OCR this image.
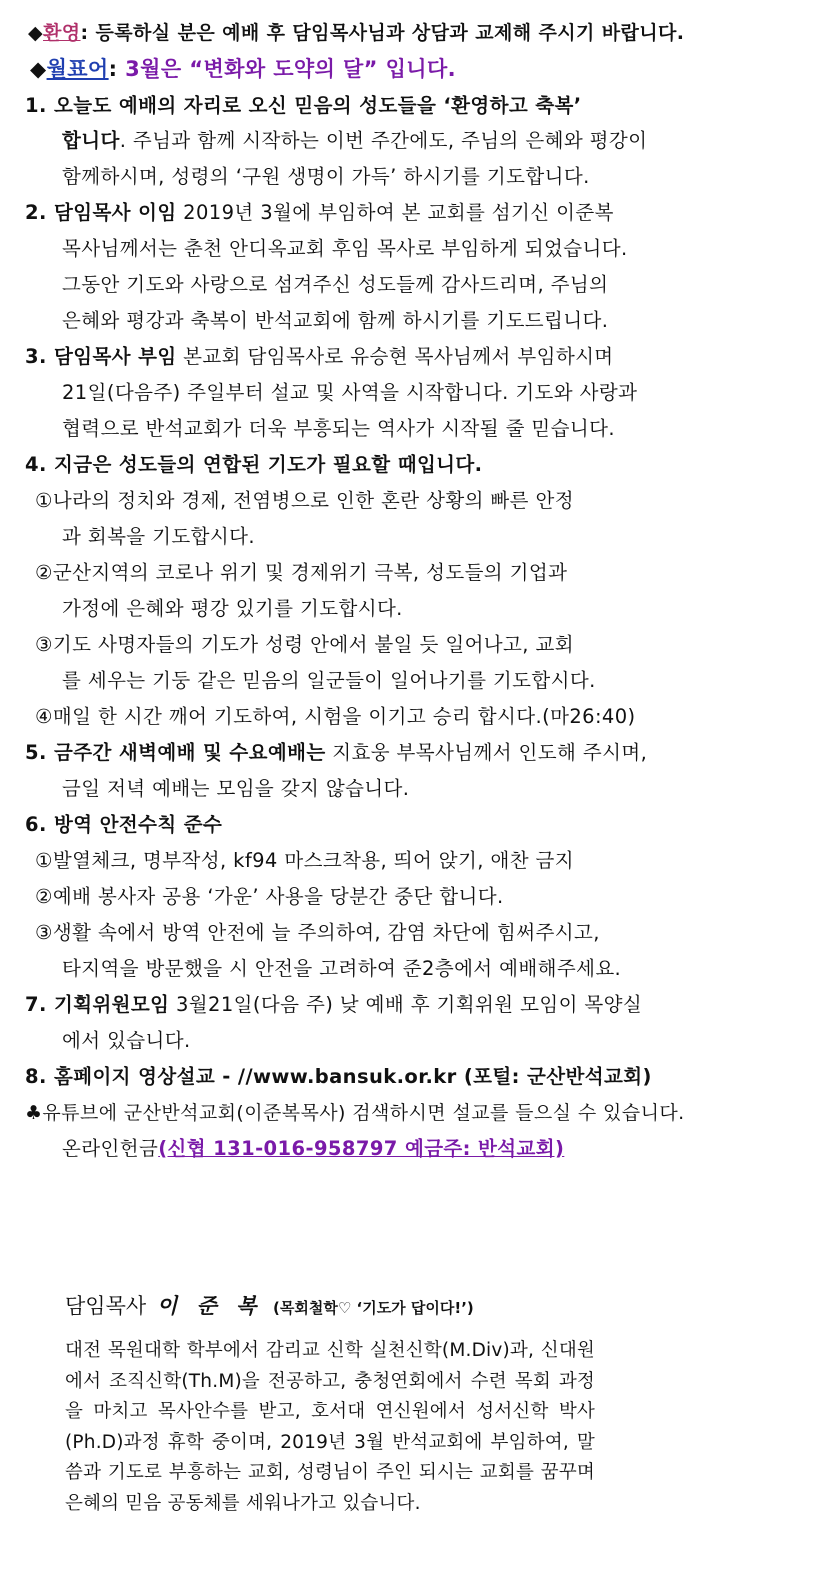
◆환영: 등록하실 분은 예배 후 담임목사님과 상담과 교제해 주시기 바랍니다.
◆월표어: 3월은 “변화와 도약의 달” 입니다.
1. 오늘도 예배의 자리로 오신 믿음의 성도들을 ‘환영하고 축복’
합니다. 주님과 함께 시작하는 이번 주간에도, 주님의 은혜와 평강이
함께하시며, 성령의 ‘구원 생명이 가득’ 하시기를 기도합니다.
2. 담임목사 이임 2019년 3월에 부임하여 본 교회를 섬기신 이준복
목사님께서는 춘천 안디옥교회 후임 목사로 부임하게 되었습니다.
그동안 기도와 사랑으로 섬겨주신 성도들께 감사드리며, 주님의
은혜와 평강과 축복이 반석교회에 함께 하시기를 기도드립니다.
3. 담임목사 부임 본교회 담임목사로 유승현 목사님께서 부임하시며
21일(다음주) 주일부터 설교 및 사역을 시작합니다. 기도와 사랑과
협력으로 반석교회가 더욱 부흥되는 역사가 시작될 줄 믿습니다.
4. 지금은 성도들의 연합된 기도가 필요할 때입니다.
①나라의 정치와 경제, 전염병으로 인한 혼란 상황의 빠른 안정
과 회복을 기도합시다.
②군산지역의 코로나 위기 및 경제위기 극복, 성도들의 기업과
가정에 은혜와 평강 있기를 기도합시다.
③기도 사명자들의 기도가 성령 안에서 불일 듯 일어나고, 교회
를 세우는 기둥 같은 믿음의 일군들이 일어나기를 기도합시다.
④매일 한 시간 깨어 기도하여, 시험을 이기고 승리 합시다.(마26:40)
5. 금주간 새벽예배 및 수요예배는 지효웅 부목사님께서 인도해 주시며,
금일 저녁 예배는 모임을 갖지 않습니다.
6. 방역 안전수칙 준수
①발열체크, 명부작성, kf94 마스크착용, 띄어 앉기, 애찬 금지
②예배 봉사자 공용 ‘가운’ 사용을 당분간 중단 합니다.
③생활 속에서 방역 안전에 늘 주의하여, 감염 차단에 힘써주시고,
타지역을 방문했을 시 안전을 고려하여 준2층에서 예배해주세요.
7. 기획위원모임 3월21일(다음 주) 낮 예배 후 기획위원 모임이 목양실
에서 있습니다.
8. 홈페이지 영상설교 - //www.bansuk.or.kr (포털: 군산반석교회)
♣유튜브에 군산반석교회(이준복목사) 검색하시면 설교를 들으실 수 있습니다.
온라인헌금(신협 131-016-958797 예금주: 반석교회)
담임목사 이 준 복 (목회철학♡ ‘기도가 답이다!’)

대전 목원대학 학부에서 감리교 신학 실천신학(M.Div)과, 신대원에서 조직신학(Th.M)을 전공하고, 충청연회에서 수련 목회 과정을 마치고 목사안수를 받고, 호서대 연신원에서 성서신학 박사(Ph.D)과정 휴학 중이며, 2019년 3월 반석교회에 부임하여, 말씀과 기도로 부흥하는 교회, 성령님이 주인 되시는 교회를 꿈꾸며 은혜의 믿음 공동체를 세워나가고 있습니다.
